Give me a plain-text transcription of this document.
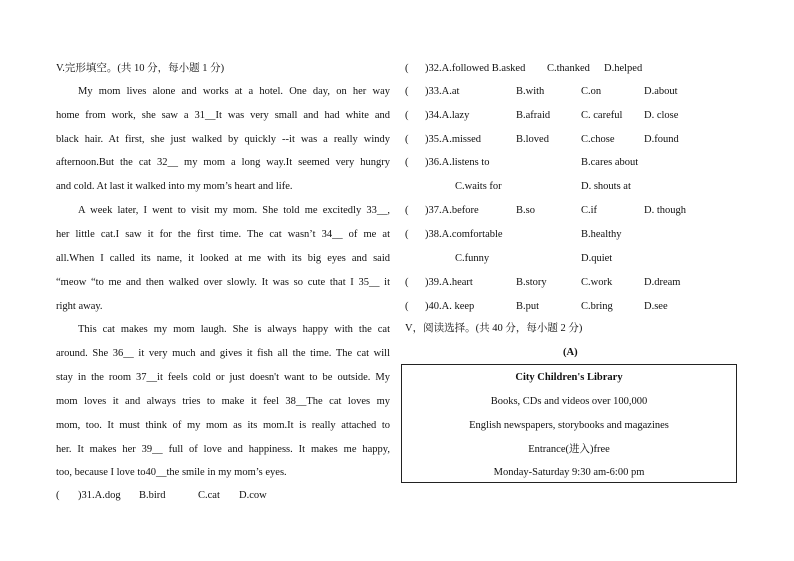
V.完形填空。(共 10 分，每小题 1 分)
My mom lives alone and works at a hotel. One day, on her way
home from work, she saw a 31__It was very small and had white and
black hair. At first, she just walked by quickly --it was a really windy
afternoon.But the cat 32__ my mom a long way.It seemed very hungry
and cold. At last it walked into my mom’s heart and life.
A week later, I went to visit my mom. She told me excitedly 33__,
her little cat.I saw it for the first time. The cat wasn’t 34__ of me at
all.When I called its name, it looked at me with its big eyes and said
“meow “to me and then walked over slowly. It was so cute that I 35__ it
right away.
This cat makes my mom laugh. She is always happy with the cat
around. She 36__ it very much and gives it fish all the time. The cat will
stay in the room 37__it feels cold or just doesn't want to be outside. My
mom loves it and always tries to make it feel 38__The cat loves my
mom, too. It must think of my mom as its mom.It is really attached to
her. It makes her 39__ full of love and happiness. It makes me happy,
too, because I love to40__the smile in my mom’s eyes.
( )31.A.dog B.bird	C.cat D.cow
( )32.A.followed B.asked C.thanked D.helped
( )33.A.at	B.with	C.on	D.about
( )34.A.lazy	B.afraid	C. careful D. close
( )35.A.missed	B.loved	C.chose	D.found
( )36.A.listens to	B.cares about
C.waits for	D. shouts at
( )37.A.before	B.so	C.if	D. though
( )38.A.comfortable	B.healthy
C.funny	D.quiet
( )39.A.heart	B.story	C.work	D.dream
( )40.A. keep	B.put	C.bring	D.see
V，阅读选择。(共 40 分，每小题 2 分)
(A)
City Children's Library
Books, CDs and videos over 100,000
English newspapers, storybooks and magazines
Entrance(进入)free
Monday-Saturday 9:30 am-6:00 pm
